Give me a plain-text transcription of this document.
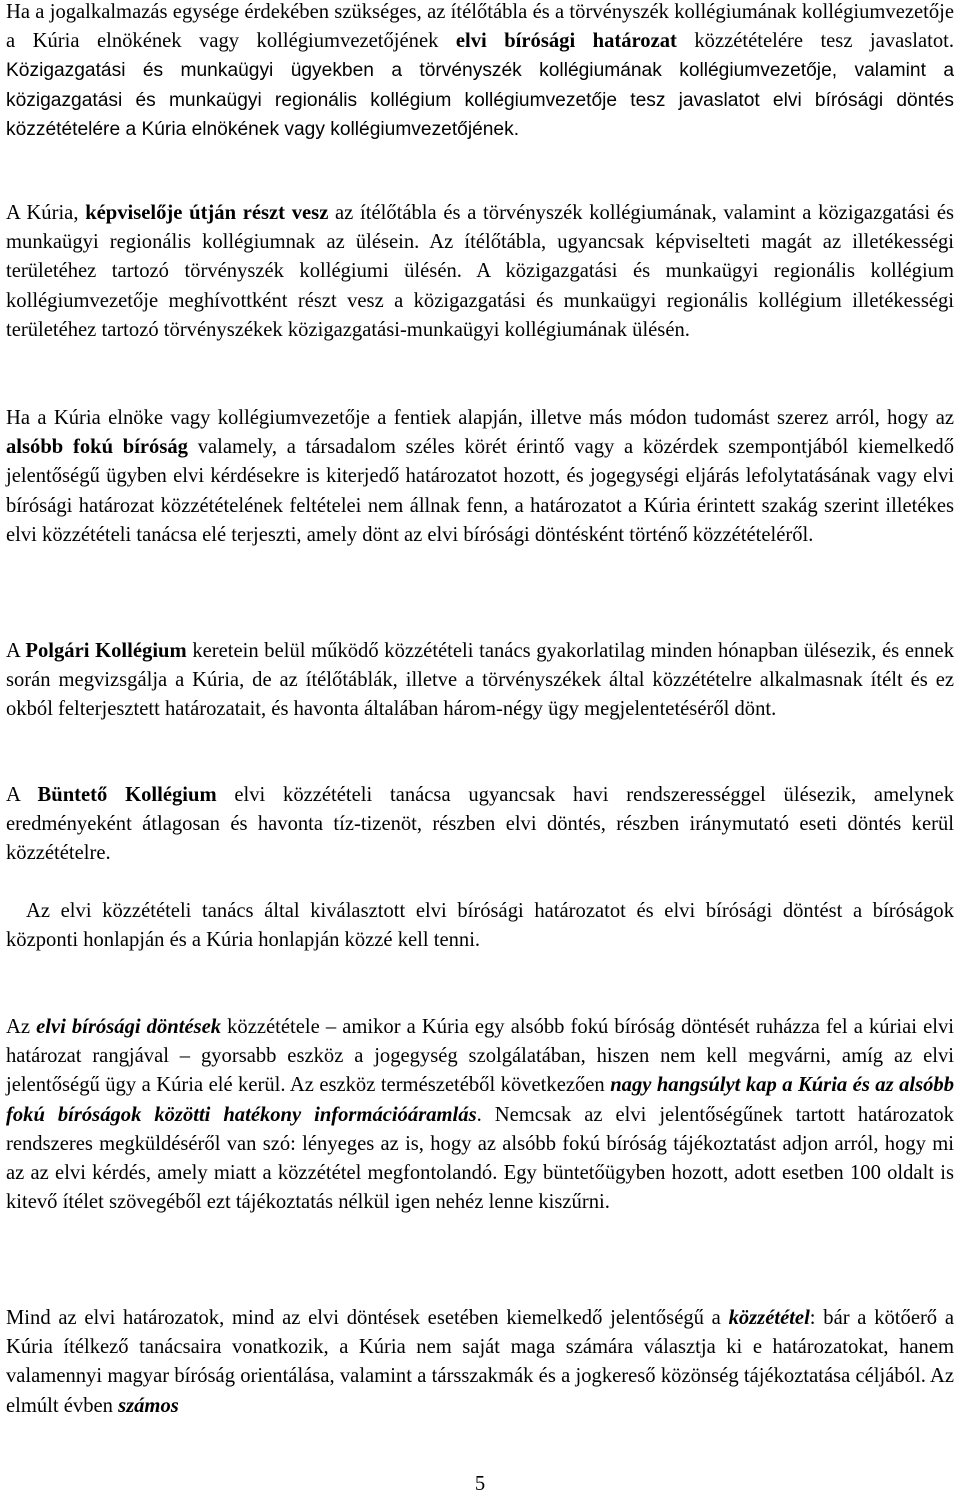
Ha a jogalkalmazás egysége érdekében szükséges, az ítélőtábla és a törvényszék kollégiumának kollégiumvezetője a Kúria elnökének vagy kollégiumvezetőjének elvi bírósági határozat közzétételére tesz javaslatot. Közigazgatási és munkaügyi ügyekben a törvényszék kollégiumának kollégiumvezetője, valamint a közigazgatási és munkaügyi regionális kollégium kollégiumvezetője tesz javaslatot elvi bírósági döntés közzétételére a Kúria elnökének vagy kollégiumvezetőjének.

A Kúria, képviselője útján részt vesz az ítélőtábla és a törvényszék kollégiumának, valamint a közigazgatási és munkaügyi regionális kollégiumnak az ülésein. Az ítélőtábla, ugyancsak képviselteti magát az illetékességi területéhez tartozó törvényszék kollégiumi ülésén. A közigazgatási és munkaügyi regionális kollégium kollégiumvezetője meghívottként részt vesz a közigazgatási és munkaügyi regionális kollégium illetékességi területéhez tartozó törvényszékek közigazgatási-munkaügyi kollégiumának ülésén.

Ha a Kúria elnöke vagy kollégiumvezetője a fentiek alapján, illetve más módon tudomást szerez arról, hogy az alsóbb fokú bíróság valamely, a társadalom széles körét érintő vagy a közérdek szempontjából kiemelkedő jelentőségű ügyben elvi kérdésekre is kiterjedő határozatot hozott, és jogegységi eljárás lefolytatásának vagy elvi bírósági határozat közzétételének feltételei nem állnak fenn, a határozatot a Kúria érintett szakág szerint illetékes elvi közzétételi tanácsa elé terjeszti, amely dönt az elvi bírósági döntésként történő közzétételéről.

A Polgári Kollégium keretein belül működő közzétételi tanács gyakorlatilag minden hónapban ülésezik, és ennek során megvizsgálja a Kúria, de az ítélőtáblák, illetve a törvényszékek által közzétételre alkalmasnak ítélt és ez okból felterjesztett határozatait, és havonta általában három-négy ügy megjelentetéséről dönt.

A Büntető Kollégium elvi közzétételi tanácsa ugyancsak havi rendszerességgel ülésezik, amelynek eredményeként átlagosan és havonta tíz-tizenöt, részben elvi döntés, részben iránymutató eseti döntés kerül közzétételre.

Az elvi közzétételi tanács által kiválasztott elvi bírósági határozatot és elvi bírósági döntést a bíróságok központi honlapján és a Kúria honlapján közzé kell tenni.

Az elvi bírósági döntések közzététele – amikor a Kúria egy alsóbb fokú bíróság döntését ruházza fel a kúriai elvi határozat rangjával – gyorsabb eszköz a jogegység szolgálatában, hiszen nem kell megvárni, amíg az elvi jelentőségű ügy a Kúria elé kerül. Az eszköz természetéből következően nagy hangsúlyt kap a Kúria és az alsóbb fokú bíróságok közötti hatékony információáramlás. Nemcsak az elvi jelentőségűnek tartott határozatok rendszeres megküldéséről van szó: lényeges az is, hogy az alsóbb fokú bíróság tájékoztatást adjon arról, hogy mi az az elvi kérdés, amely miatt a közzététel megfontolandó. Egy büntetőügyben hozott, adott esetben 100 oldalt is kitevő ítélet szövegéből ezt tájékoztatás nélkül igen nehéz lenne kiszűrni.

Mind az elvi határozatok, mind az elvi döntések esetében kiemelkedő jelentőségű a közzététel: bár a kötőerő a Kúria ítélkező tanácsaira vonatkozik, a Kúria nem saját maga számára választja ki e határozatokat, hanem valamennyi magyar bíróság orientálása, valamint a társszakmák és a jogkereső közönség tájékoztatása céljából. Az elmúlt évben számos

5
